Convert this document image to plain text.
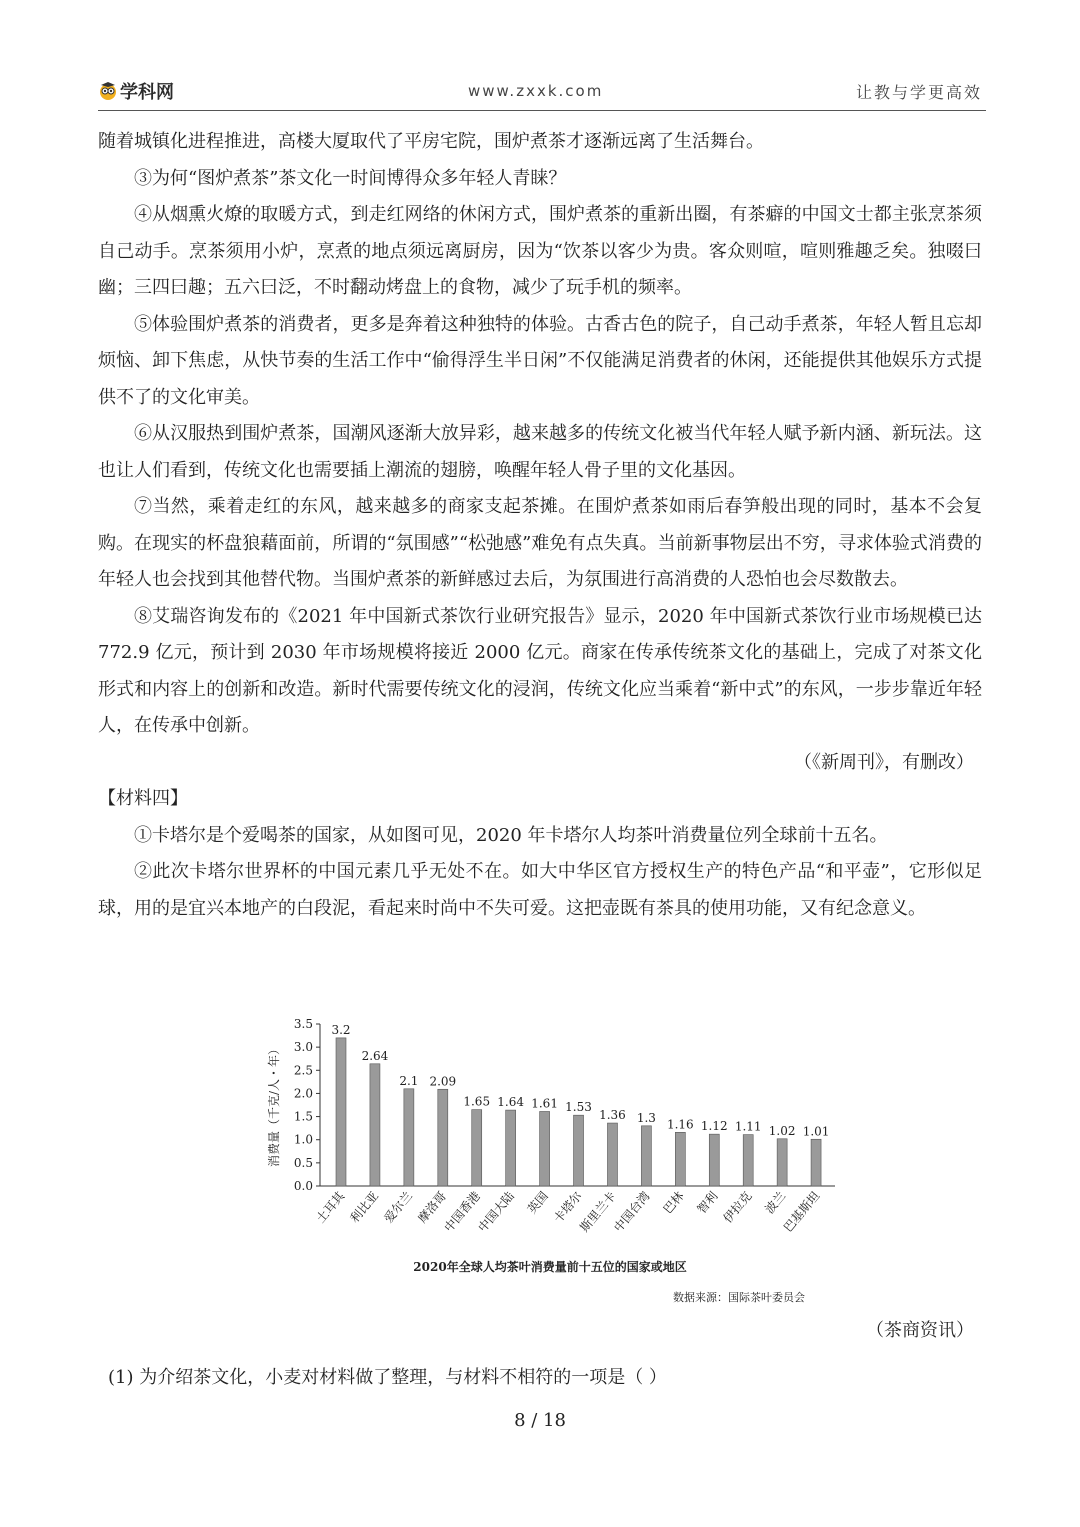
学科网	www.zxxk.com	让教与学更高效

随着城镇化进程推进，高楼大厦取代了平房宅院，围炉煮茶才逐渐远离了生活舞台。

③为何“图炉煮茶”茶文化一时间博得众多年轻人青睐？

④从烟熏火燎的取暖方式，到走红网络的休闲方式，围炉煮茶的重新出圈，有茶癖的中国文士都主张烹茶须自己动手。烹茶须用小炉，烹煮的地点须远离厨房，因为“饮茶以客少为贵。客众则喧，喧则雅趣乏矣。独啜曰幽；三四曰趣；五六曰泛，不时翻动烤盘上的食物，减少了玩手机的频率。

⑤体验围炉煮茶的消费者，更多是奔着这种独特的体验。古香古色的院子，自己动手煮茶，年轻人暂且忘却烦恼、卸下焦虑，从快节奏的生活工作中“偷得浮生半日闲”不仅能满足消费者的休闲，还能提供其他娱乐方式提供不了的文化审美。

⑥从汉服热到围炉煮茶，国潮风逐渐大放异彩，越来越多的传统文化被当代年轻人赋予新内涵、新玩法。这也让人们看到，传统文化也需要插上潮流的翅膀，唤醒年轻人骨子里的文化基因。

⑦当然，乘着走红的东风，越来越多的商家支起茶摊。在围炉煮茶如雨后春笋般出现的同时，基本不会复购。在现实的杯盘狼藉面前，所谓的“氛围感”“松弛感”难免有点失真。当前新事物层出不穷，寻求体验式消费的年轻人也会找到其他替代物。当围炉煮茶的新鲜感过去后，为氛围进行高消费的人恐怕也会尽数散去。

⑧艾瑞咨询发布的《2021 年中国新式茶饮行业研究报告》显示，2020 年中国新式茶饮行业市场规模已达 772.9 亿元，预计到 2030 年市场规模将接近 2000 亿元。商家在传承传统茶文化的基础上，完成了对茶文化形式和内容上的创新和改造。新时代需要传统文化的浸润，传统文化应当乘着“新中式”的东风，一步步靠近年轻人，在传承中创新。

（《新周刊》，有删改）

【材料四】

①卡塔尔是个爱喝茶的国家，从如图可见，2020 年卡塔尔人均茶叶消费量位列全球前十五名。

②此次卡塔尔世界杯的中国元素几乎无处不在。如大中华区官方授权生产的特色产品“和平壶”，它形似足球，用的是宜兴本地产的白段泥，看起来时尚中不失可爱。这把壶既有茶具的使用功能，又有纪念意义。

0.0
0.5
1.0
1.5
2.0
2.5
3.0
3.5
消费量（千克/人・年）
3.2
土耳其
2.64
利比亚
2.1
爱尔兰
2.09
摩洛哥
1.65
中国香港
1.64
中国大陆
1.61
英国
1.53
卡塔尔
1.36
斯里兰卡
1.3
中国台湾
1.16
巴林
1.12
智利
1.11
伊拉克
1.02
波兰
1.01
巴基斯坦
2020年全球人均茶叶消费量前十五位的国家或地区
数据来源：国际茶叶委员会
（茶商资讯）
(1) 为介绍茶文化，小麦对材料做了整理，与材料不相符的一项是（ ）
8 / 18
